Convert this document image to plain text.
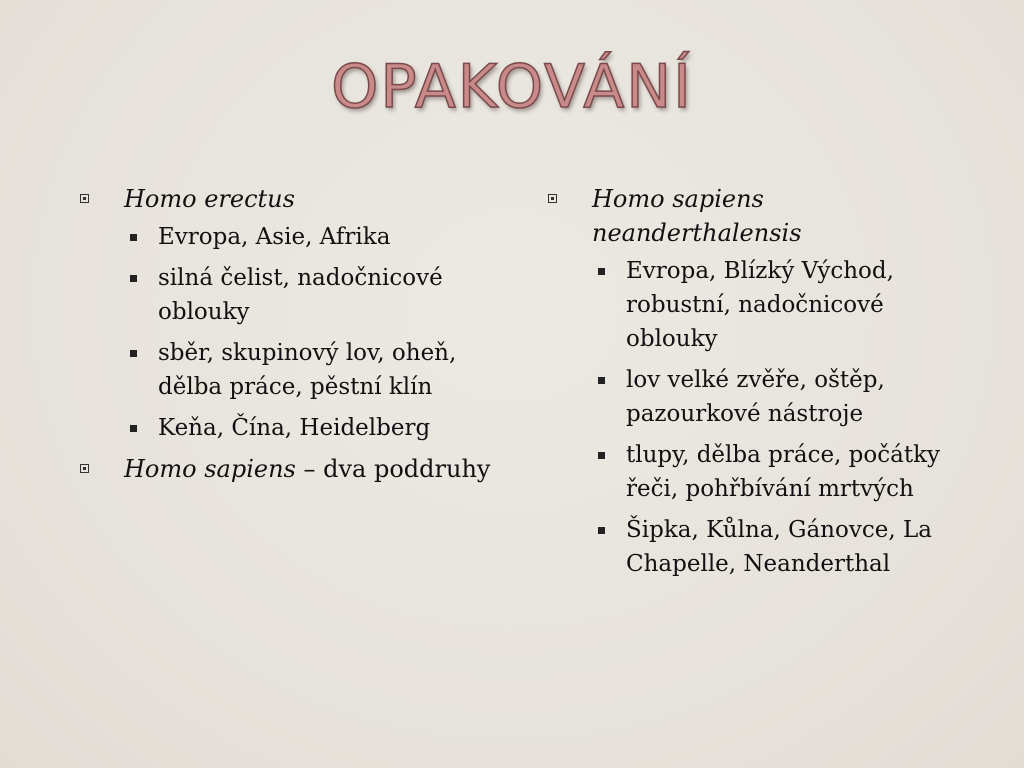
OPAKOVÁNÍ
Homo erectus
Evropa, Asie, Afrika
silná čelist, nadočnicové oblouky
sběr, skupinový lov, oheň, dělba práce, pěstní klín
Keňa, Čína, Heidelberg
Homo sapiens – dva poddruhy
Homo sapiens neanderthalensis
Evropa, Blízký Východ, robustní, nadočnicové oblouky
lov velké zvěře, oštěp, pazourkové nástroje
tlupy, dělba práce, počátky řeči, pohřbívání mrtvých
Šipka, Kůlna, Gánovce, La Chapelle, Neanderthal
